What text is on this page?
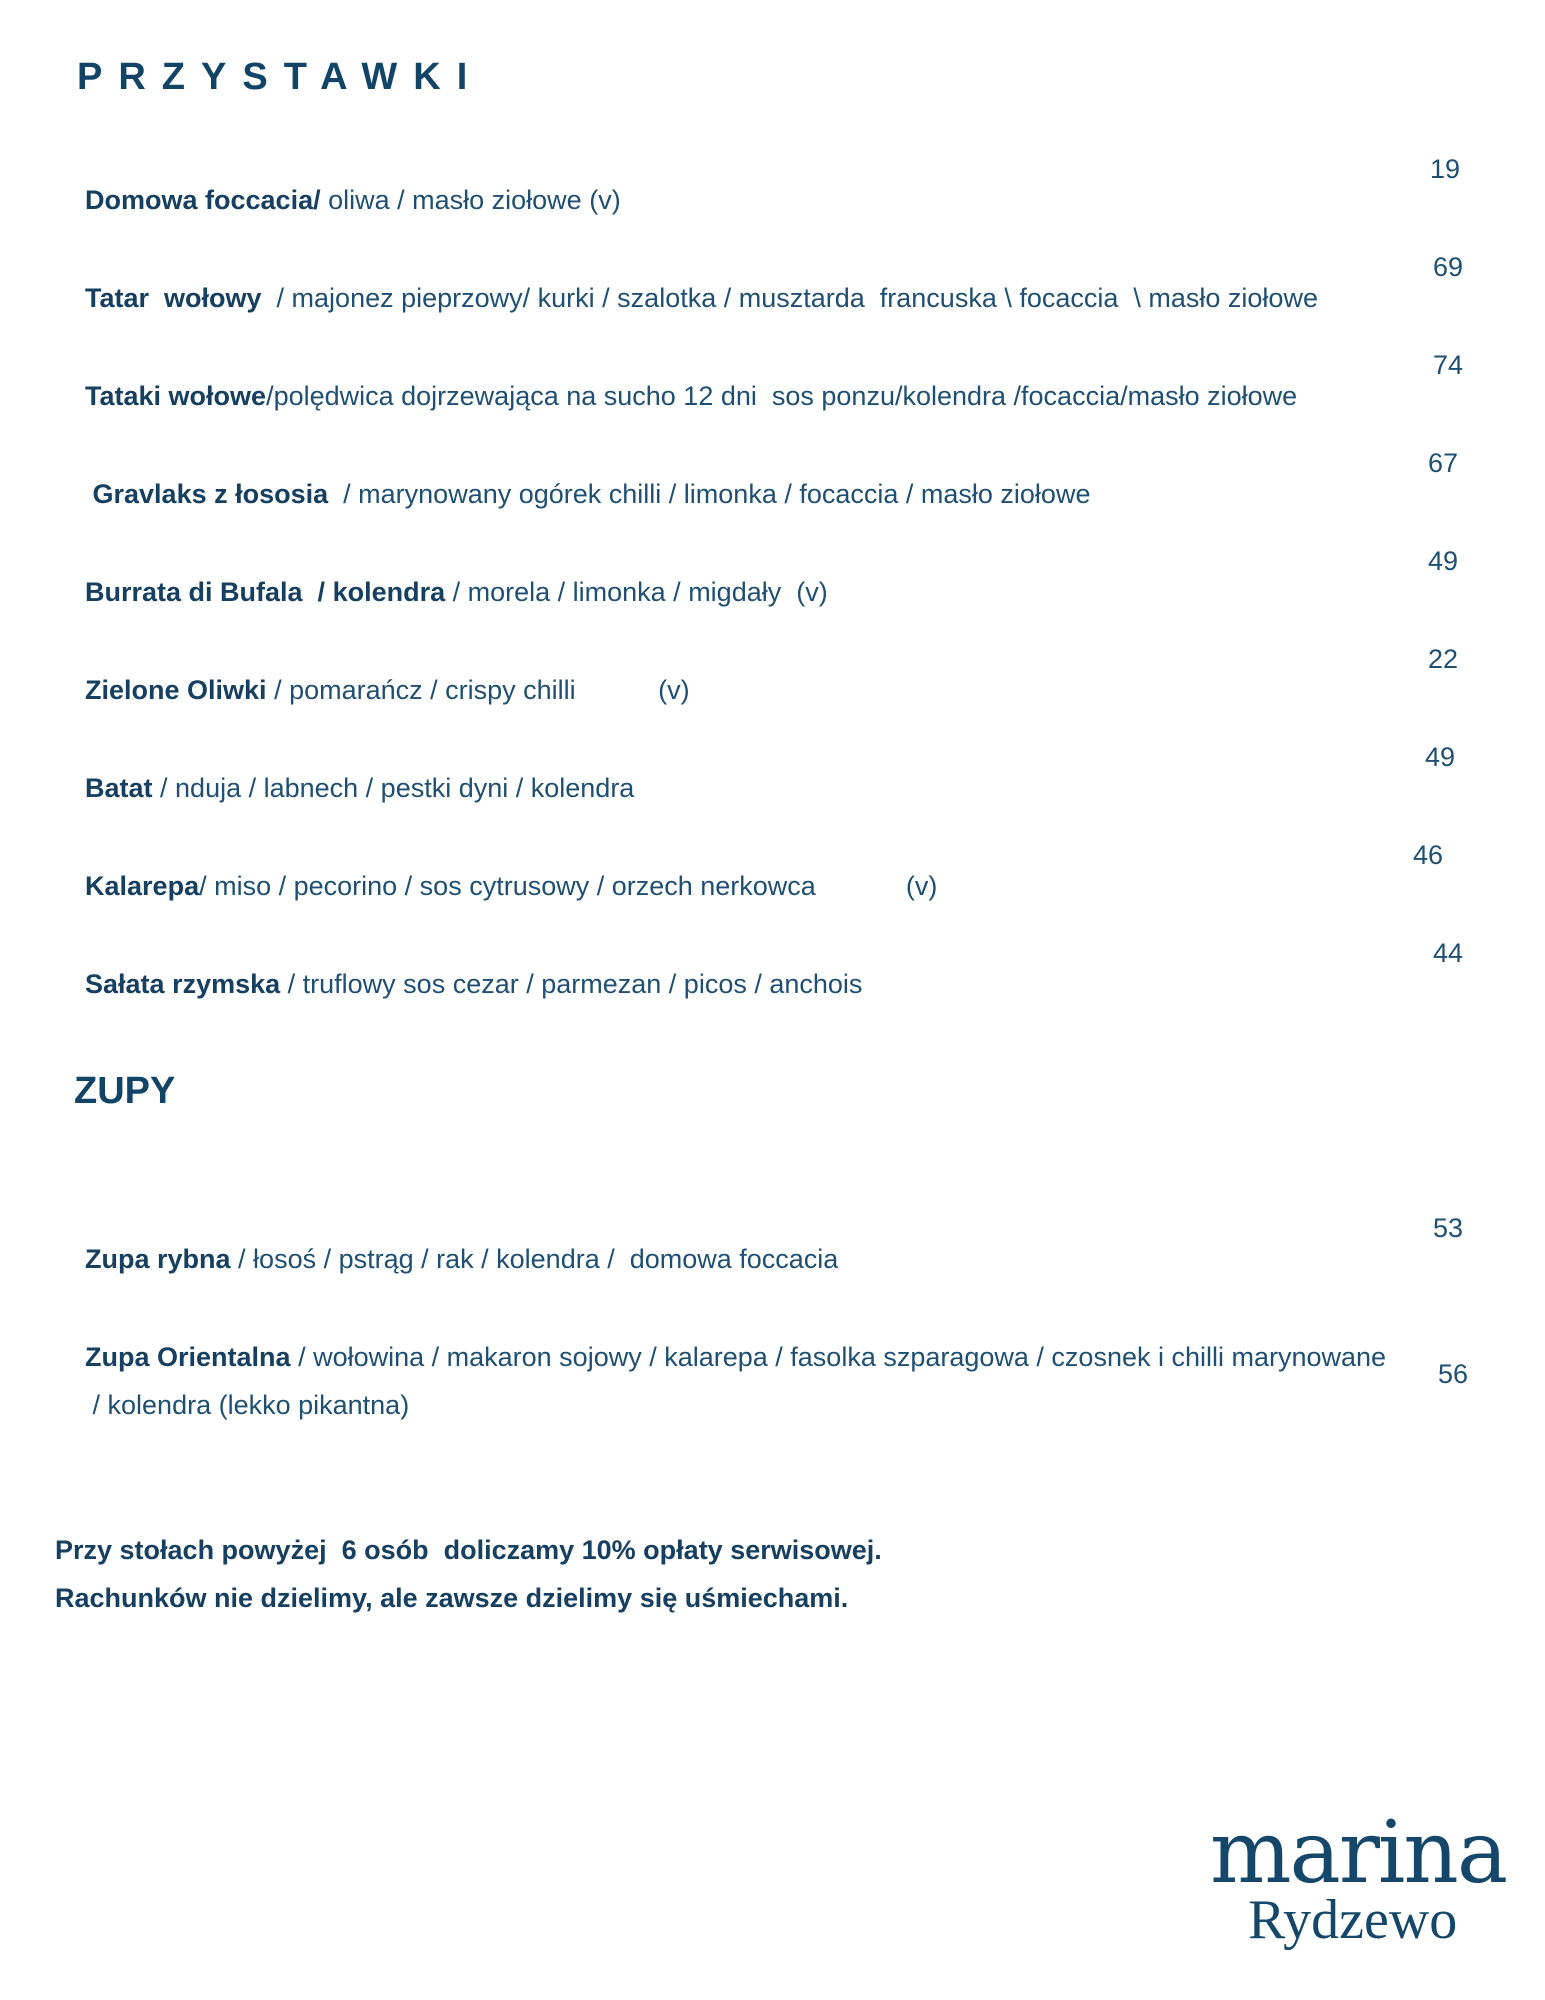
PRZYSTAWKI

Domowa foccacia/ oliwa / masło ziołowe (v)

19

Tatar  wołowy  / majonez pieprzowy/ kurki / szalotka / musztarda  francuska \ focaccia  \ masło ziołowe

69

Tataki wołowe/polędwica dojrzewająca na sucho 12 dni  sos ponzu/kolendra /focaccia/masło ziołowe

74

Gravlaks z łososia  / marynowany ogórek chilli / limonka / focaccia / masło ziołowe

67

Burrata di Bufala  / kolendra / morela / limonka / migdały  (v)

49

Zielone Oliwki / pomarańcz / crispy chilli           (v)

22

Batat / nduja / labnech / pestki dyni / kolendra

49

Kalarepa/ miso / pecorino / sos cytrusowy / orzech nerkowca            (v)

46

Sałata rzymska / truflowy sos cezar / parmezan / picos / anchois

44

ZUPY

Zupa rybna / łosoś / pstrąg / rak / kolendra /  domowa foccacia

53

Zupa Orientalna / wołowina / makaron sojowy / kalarepa / fasolka szparagowa / czosnek i chilli marynowane

/ kolendra (lekko pikantna)

56

Przy stołach powyżej  6 osób  doliczamy 10% opłaty serwisowej.
Rachunków nie dzielimy, ale zawsze dzielimy się uśmiechami.
marina
Rydzewo
